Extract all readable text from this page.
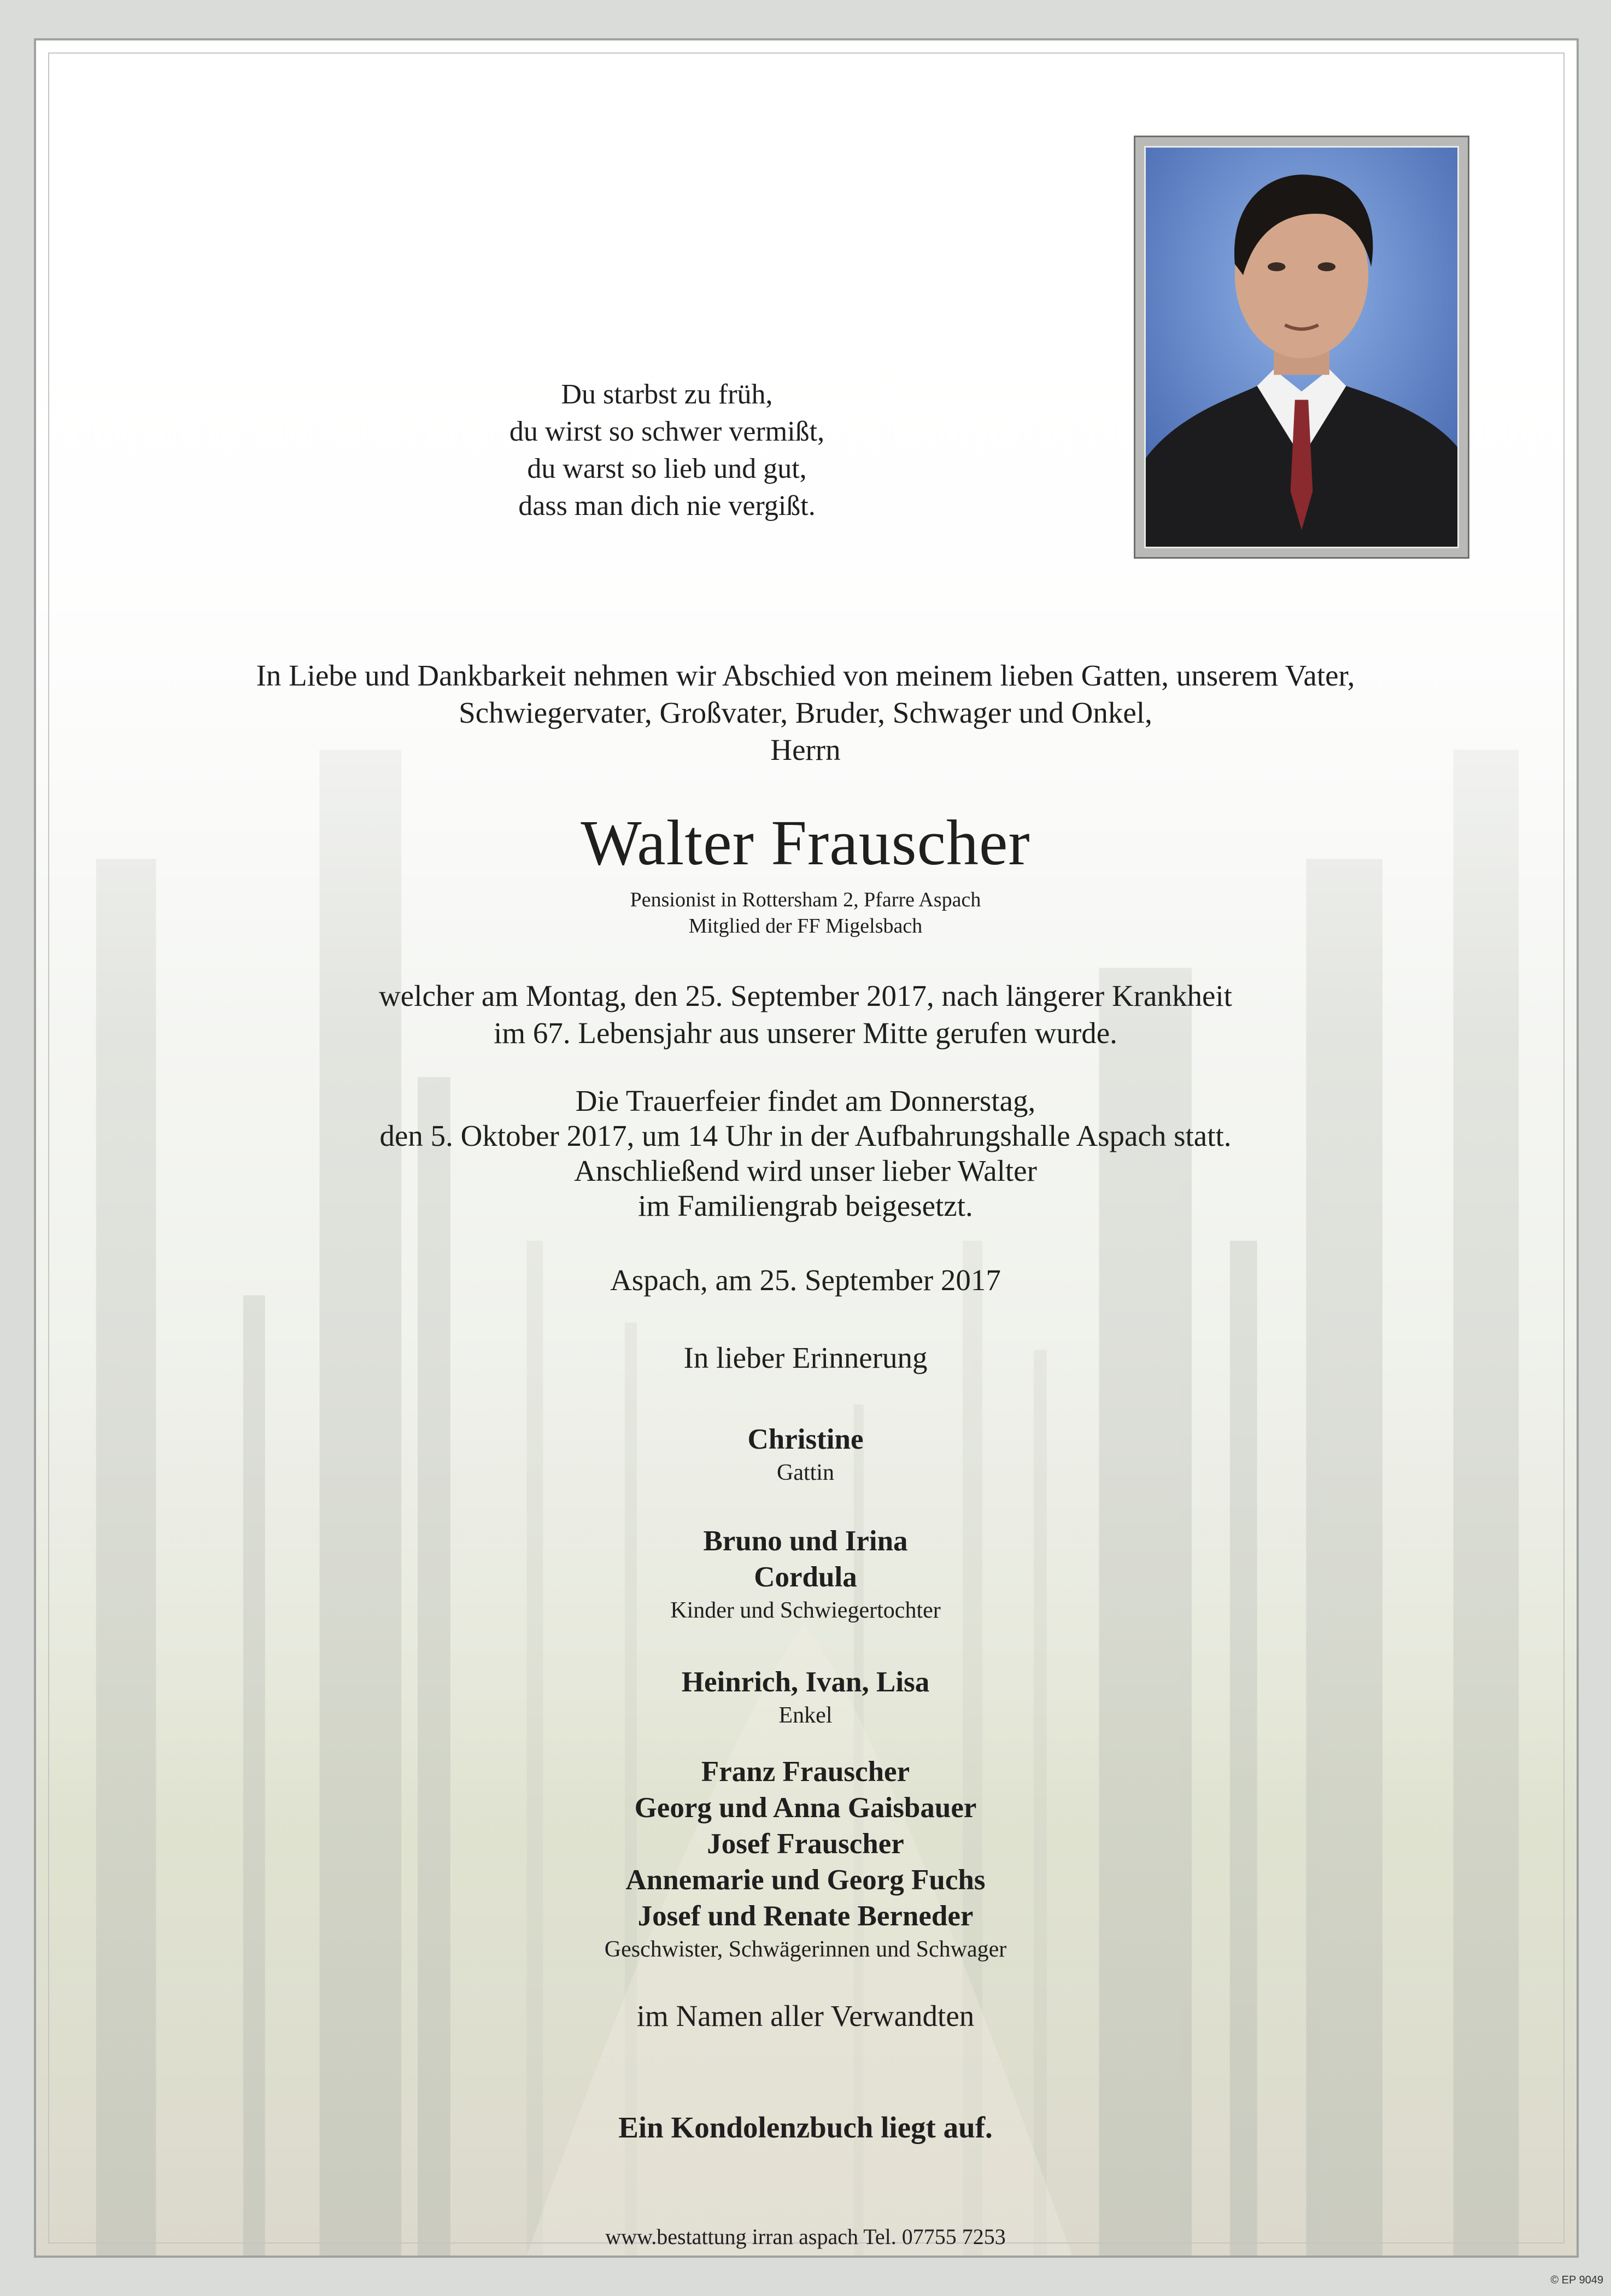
Du starbst zu früh,
du wirst so schwer vermißt,
du warst so lieb und gut,
dass man dich nie vergißt.
In Liebe und Dankbarkeit nehmen wir Abschied von meinem lieben Gatten, unserem Vater,
Schwiegervater, Großvater, Bruder, Schwager und Onkel,
Herrn
Walter Frauscher
Pensionist in Rottersham 2, Pfarre Aspach
Mitglied der FF Migelsbach
welcher am Montag, den 25. September 2017, nach längerer Krankheit
im 67. Lebensjahr aus unserer Mitte gerufen wurde.
Die Trauerfeier findet am Donnerstag,
den 5. Oktober 2017, um 14 Uhr in der Aufbahrungshalle Aspach statt.
Anschließend wird unser lieber Walter
im Familiengrab beigesetzt.
Aspach, am 25. September 2017
In lieber Erinnerung
Christine
Gattin
Bruno und Irina
Cordula
Kinder und Schwiegertochter
Heinrich, Ivan, Lisa
Enkel
Franz Frauscher
Georg und Anna Gaisbauer
Josef Frauscher
Annemarie und Georg Fuchs
Josef und Renate Berneder
Geschwister, Schwägerinnen und Schwager
im Namen aller Verwandten
Ein Kondolenzbuch liegt auf.
www.bestattung irran aspach Tel. 07755 7253
© EP 9049
